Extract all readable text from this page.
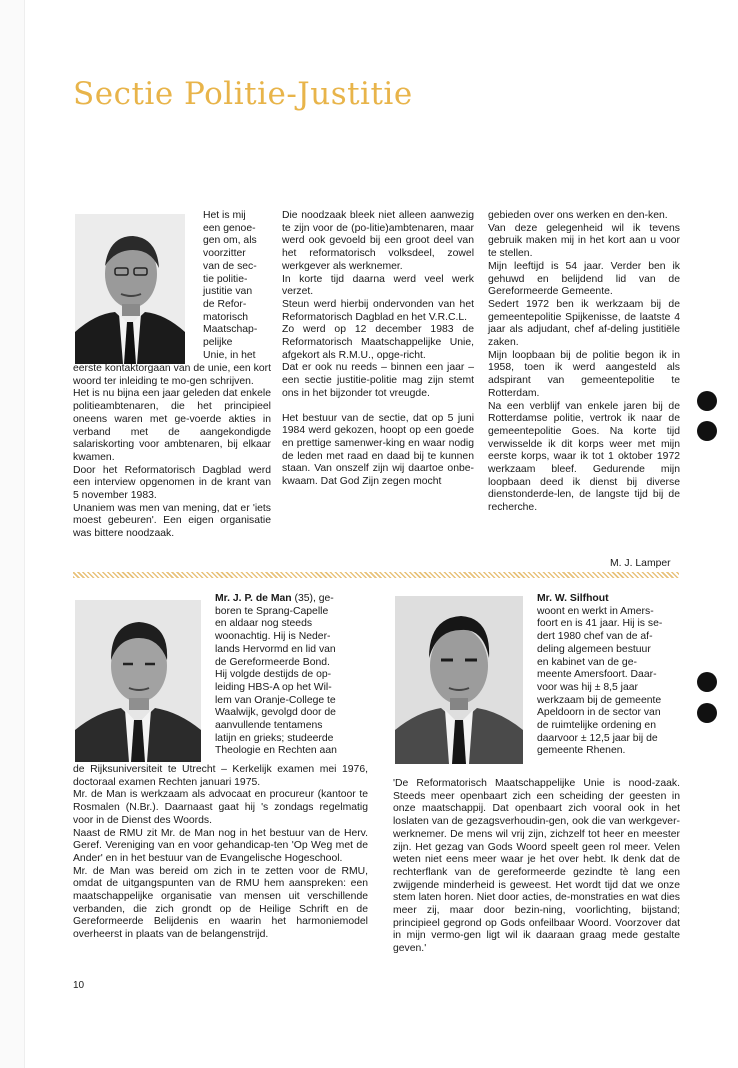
Sectie Politie-Justitie
Het is mij
een genoe-
gen om, als
voorzitter
van de sec-
tie politie-
justitie van
de Refor-
matorisch
Maatschap-
pelijke
Unie, in het

eerste kontaktorgaan van de unie, een kort woord ter inleiding te mo-gen schrijven.

Het is nu bijna een jaar geleden dat enkele politieambtenaren, die het principieel oneens waren met ge-voerde akties in verband met de aangekondigde salariskorting voor ambtenaren, bij elkaar kwamen.

Door het Reformatorisch Dagblad werd een interview opgenomen in de krant van 5 november 1983.

Unaniem was men van mening, dat er 'iets moest gebeuren'. Een eigen organisatie was bittere noodzaak.

Die noodzaak bleek niet alleen aanwezig te zijn voor de (po-litie)ambtenaren, maar werd ook gevoeld bij een groot deel van het reformatorisch volksdeel, zowel werkgever als werknemer.

In korte tijd daarna werd veel werk verzet.

Steun werd hierbij ondervonden van het Reformatorisch Dagblad en het V.R.C.L.

Zo werd op 12 december 1983 de Reformatorisch Maatschappelijke Unie, afgekort als R.M.U., opge-richt.

Dat er ook nu reeds – binnen een jaar – een sectie justitie-politie mag zijn stemt ons in het bijzonder tot vreugde.

Het bestuur van de sectie, dat op 5 juni 1984 werd gekozen, hoopt op een goede en prettige samenwer-king en waar nodig de leden met raad en daad bij te kunnen staan. Van onszelf zijn wij daartoe onbe-kwaam. Dat God Zijn zegen mocht

gebieden over ons werken en den-ken.

Van deze gelegenheid wil ik tevens gebruik maken mij in het kort aan u voor te stellen.

Mijn leeftijd is 54 jaar. Verder ben ik gehuwd en belijdend lid van de Gereformeerde Gemeente.

Sedert 1972 ben ik werkzaam bij de gemeentepolitie Spijkenisse, de laatste 4 jaar als adjudant, chef af-deling justitiële zaken.

Mijn loopbaan bij de politie begon ik in 1958, toen ik werd aangesteld als adspirant van gemeentepolitie te Rotterdam.

Na een verblijf van enkele jaren bij de Rotterdamse politie, vertrok ik naar de gemeentepolitie Goes. Na korte tijd verwisselde ik dit korps weer met mijn eerste korps, waar ik tot 1 oktober 1972 werkzaam bleef. Gedurende mijn loopbaan deed ik dienst bij diverse dienstonderde-len, de langste tijd bij de recherche.

M. J. Lamper
Mr. J. P. de Man (35), ge-
boren te Sprang-Capelle
en aldaar nog steeds
woonachtig. Hij is Neder-
lands Hervormd en lid van
de Gereformeerde Bond.
Hij volgde destijds de op-
leiding HBS-A op het Wil-
lem van Oranje-College te
Waalwijk, gevolgd door de
aanvullende tentamens
latijn en grieks; studeerde
Theologie en Rechten aan

de Rijksuniversiteit te Utrecht – Kerkelijk examen mei 1976, doctoraal examen Rechten januari 1975.

Mr. de Man is werkzaam als advocaat en procureur (kantoor te Rosmalen (N.Br.). Daarnaast gaat hij 's zondags regelmatig voor in de Dienst des Woords.

Naast de RMU zit Mr. de Man nog in het bestuur van de Herv. Geref. Vereniging van en voor gehandicap-ten 'Op Weg met de Ander' en in het bestuur van de Evangelische Hogeschool.

Mr. de Man was bereid om zich in te zetten voor de RMU, omdat de uitgangspunten van de RMU hem aanspreken: een maatschappelijke organisatie van mensen uit verschillende verbanden, die zich grondt op de Heilige Schrift en de Gereformeerde Belijdenis en waarin het harmoniemodel overheerst in plaats van de belangenstrijd.

Mr. W. Silfhout
woont en werkt in Amers-
foort en is 41 jaar. Hij is se-
dert 1980 chef van de af-
deling algemeen bestuur
en kabinet van de ge-
meente Amersfoort. Daar-
voor was hij ± 8,5 jaar
werkzaam bij de gemeente
Apeldoorn in de sector van
de ruimtelijke ordening en
daarvoor ± 12,5 jaar bij de
gemeente Rhenen.

'De Reformatorisch Maatschappelijke Unie is nood-zaak. Steeds meer openbaart zich een scheiding der geesten in onze maatschappij. Dat openbaart zich vooral ook in het loslaten van de gezagsverhoudin-gen, ook die van werkgever-werknemer. De mens wil vrij zijn, zichzelf tot heer en meester zijn. Het gezag van Gods Woord speelt geen rol meer. Velen weten niet eens meer waar je het over hebt. Ik denk dat de rechterflank van de gereformeerde gezindte tè lang een zwijgende minderheid is geweest. Het wordt tijd dat we onze stem laten horen. Niet door acties, de-monstraties en wat dies meer zij, maar door bezin-ning, voorlichting, bijstand; principieel gegrond op Gods onfeilbaar Woord. Voorzover dat in mijn vermo-gen ligt wil ik daaraan graag mede gestalte geven.'

10
